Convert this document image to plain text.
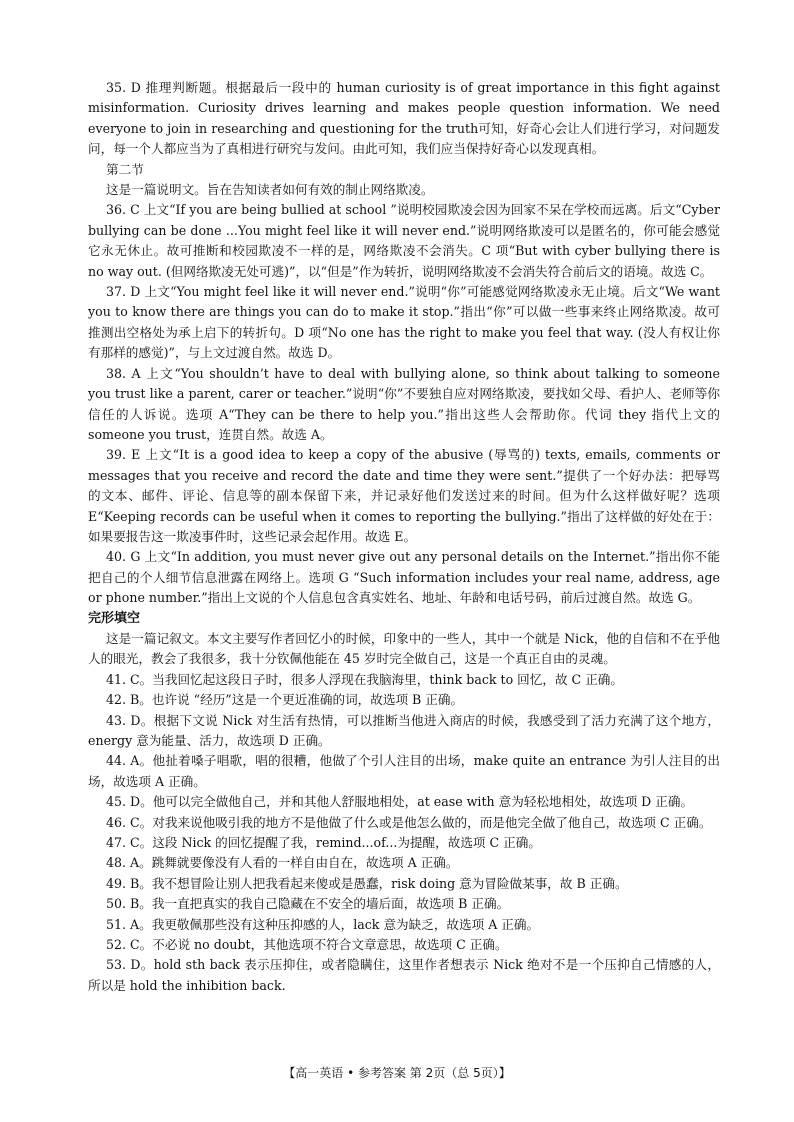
35. D 推理判断题。根据最后一段中的 human curiosity is of great importance in this fight against misinformation. Curiosity drives learning and makes people question information. We need everyone to join in researching and questioning for the truth可知，好奇心会让人们进行学习，对问题发问，每一个人都应当为了真相进行研究与发问。由此可知，我们应当保持好奇心以发现真相。

第二节

这是一篇说明文。旨在告知读者如何有效的制止网络欺凌。

36. C 上文“If you are being bullied at school ”说明校园欺凌会因为回家不呆在学校而远离。后文“Cyber bullying can be done ...You might feel like it will never end.”说明网络欺凌可以是匿名的，你可能会感觉它永无休止。故可推断和校园欺凌不一样的是，网络欺凌不会消失。C 项“But with cyber bullying there is no way out. (但网络欺凌无处可逃)”，以“但是”作为转折，说明网络欺凌不会消失符合前后文的语境。故选 C。

37. D 上文“You might feel like it will never end.”说明“你”可能感觉网络欺凌永无止境。后文“We want you to know there are things you can do to make it stop.”指出“你”可以做一些事来终止网络欺凌。故可推测出空格处为承上启下的转折句。D 项“No one has the right to make you feel that way. (没人有权让你有那样的感觉)”，与上文过渡自然。故选 D。

38. A 上文“You shouldn’t have to deal with bullying alone, so think about talking to someone you trust like a parent, carer or teacher.”说明“你”不要独自应对网络欺凌，要找如父母、看护人、老师等你信任的人诉说。选项 A“They can be there to help you.”指出这些人会帮助你。代词 they 指代上文的 someone you trust，连贯自然。故选 A。

39. E 上文“It is a good idea to keep a copy of the abusive (辱骂的) texts, emails, comments or messages that you receive and record the date and time they were sent.”提供了一个好办法：把辱骂的文本、邮件、评论、信息等的副本保留下来，并记录好他们发送过来的时间。但为什么这样做好呢？选项 E“Keeping records can be useful when it comes to reporting the bullying.”指出了这样做的好处在于：如果要报告这一欺凌事件时，这些记录会起作用。故选 E。

40. G 上文“In addition, you must never give out any personal details on the Internet.”指出你不能把自己的个人细节信息泄露在网络上。选项 G “Such information includes your real name, address, age or phone number.”指出上文说的个人信息包含真实姓名、地址、年龄和电话号码，前后过渡自然。故选 G。

完形填空

这是一篇记叙文。本文主要写作者回忆小的时候，印象中的一些人，其中一个就是 Nick，他的自信和不在乎他人的眼光，教会了我很多，我十分钦佩他能在 45 岁时完全做自己，这是一个真正自由的灵魂。

41. C。当我回忆起这段日子时，很多人浮现在我脑海里，think back to 回忆，故 C 正确。

42. B。也许说 “经历”这是一个更近准确的词，故选项 B 正确。

43. D。根据下文说 Nick 对生活有热情，可以推断当他进入商店的时候，我感受到了活力充满了这个地方，energy 意为能量、活力，故选项 D 正确。

44. A。他扯着嗓子唱歌，唱的很糟，他做了个引人注目的出场，make quite an entrance 为引人注目的出场，故选项 A 正确。

45. D。他可以完全做他自己，并和其他人舒服地相处，at ease with 意为轻松地相处，故选项 D 正确。

46. C。对我来说他吸引我的地方不是他做了什么或是他怎么做的，而是他完全做了他自己，故选项 C 正确。

47. C。这段 Nick 的回忆提醒了我，remind...of...为提醒，故选项 C 正确。

48. A。跳舞就要像没有人看的一样自由自在，故选项 A 正确。

49. B。我不想冒险让别人把我看起来傻或是愚蠢，risk doing 意为冒险做某事，故 B 正确。

50. B。我一直把真实的我自己隐藏在不安全的墙后面，故选项 B 正确。

51. A。我更敬佩那些没有这种压抑感的人，lack 意为缺乏，故选项 A 正确。

52. C。不必说 no doubt，其他选项不符合文章意思，故选项 C 正确。

53. D。hold sth back 表示压抑住，或者隐瞒住，这里作者想表示 Nick 绝对不是一个压抑自己情感的人，所以是 hold the inhibition back.

【高一英语 • 参考答案 第 2页（总 5页）】
